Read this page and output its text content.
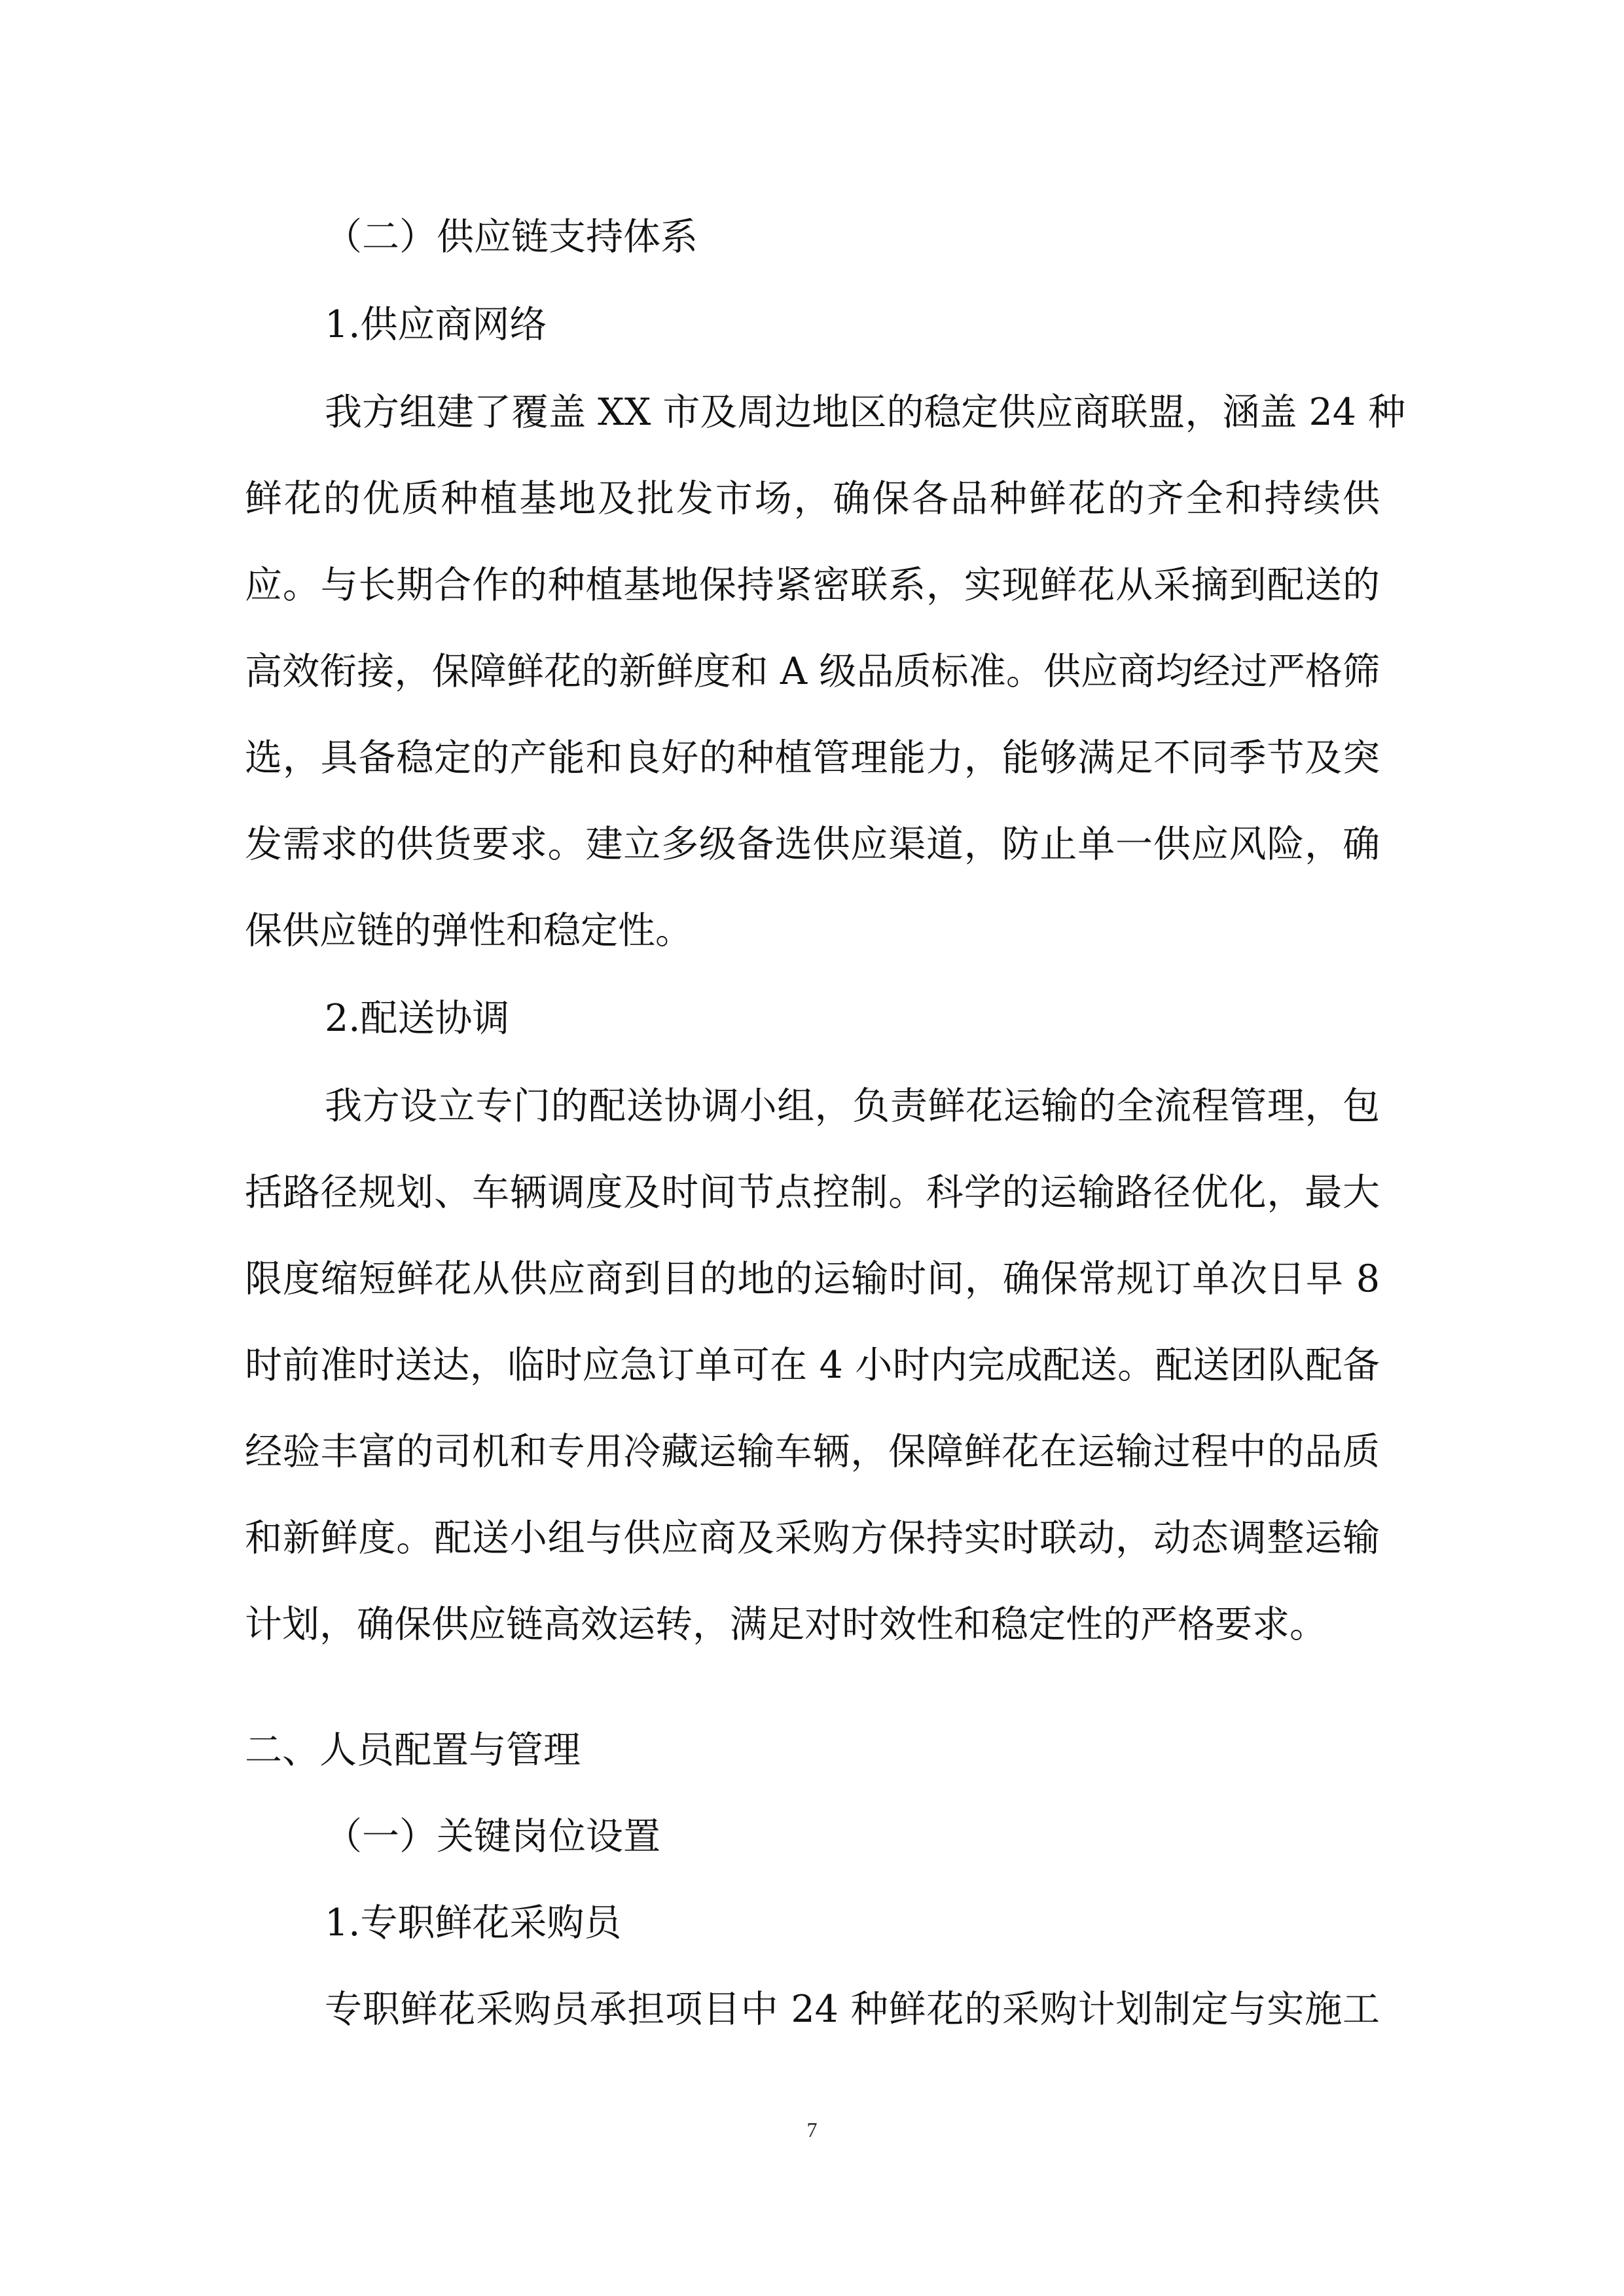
（二）供应链支持体系
1.供应商网络
我方组建了覆盖 XX 市及周边地区的稳定供应商联盟，涵盖 24 种
鲜花的优质种植基地及批发市场，确保各品种鲜花的齐全和持续供
应。与长期合作的种植基地保持紧密联系，实现鲜花从采摘到配送的
高效衔接，保障鲜花的新鲜度和 A 级品质标准。供应商均经过严格筛
选，具备稳定的产能和良好的种植管理能力，能够满足不同季节及突
发需求的供货要求。建立多级备选供应渠道，防止单一供应风险，确
保供应链的弹性和稳定性。
2.配送协调
我方设立专门的配送协调小组，负责鲜花运输的全流程管理，包
括路径规划、车辆调度及时间节点控制。科学的运输路径优化，最大
限度缩短鲜花从供应商到目的地的运输时间，确保常规订单次日早 8
时前准时送达，临时应急订单可在 4 小时内完成配送。配送团队配备
经验丰富的司机和专用冷藏运输车辆，保障鲜花在运输过程中的品质
和新鲜度。配送小组与供应商及采购方保持实时联动，动态调整运输
计划，确保供应链高效运转，满足对时效性和稳定性的严格要求。
二、人员配置与管理
（一）关键岗位设置
1.专职鲜花采购员
专职鲜花采购员承担项目中 24 种鲜花的采购计划制定与实施工
7
